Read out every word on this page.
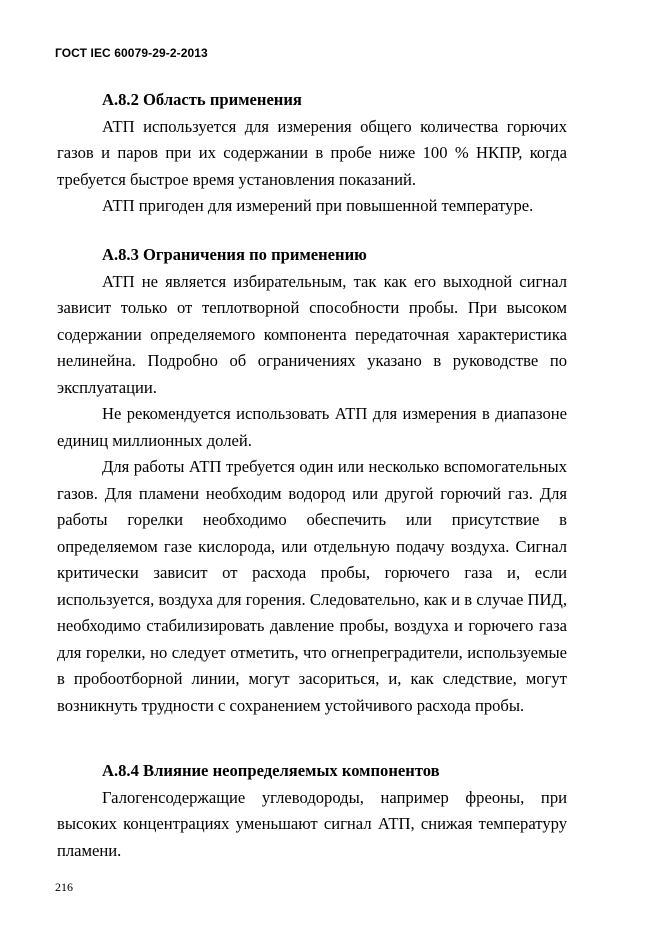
ГОСТ IEC 60079-29-2-2013

А.8.2 Область применения

АТП используется для измерения общего количества горючих газов и паров при их содержании в пробе ниже 100 % НКПР, когда требуется быстрое время установления показаний.

АТП пригоден для измерений при повышенной температуре.

А.8.3 Ограничения по применению

АТП не является избирательным, так как его выходной сигнал зависит только от теплотворной способности пробы. При высоком содержании определяемого компонента передаточная характеристика нелинейна. Подробно об ограничениях указано в руководстве по эксплуатации.

Не рекомендуется использовать АТП для измерения в диапазоне единиц миллионных долей.

Для работы АТП требуется один или несколько вспомогательных газов. Для пламени необходим водород или другой горючий газ. Для работы горелки необходимо обеспечить или присутствие в определяемом газе кислорода, или отдельную подачу воздуха. Сигнал критически зависит от расхода пробы, горючего газа и, если используется, воздуха для горения. Следовательно, как и в случае ПИД, необходимо стабилизировать давление пробы, воздуха и горючего газа для горелки, но следует отметить, что огнепреградители, используемые в пробоотборной линии, могут засориться, и, как следствие, могут возникнуть трудности с сохранением устойчивого расхода пробы.

А.8.4 Влияние неопределяемых компонентов

Галогенсодержащие углеводороды, например фреоны, при высоких концентрациях уменьшают сигнал АТП, снижая температуру пламени.

216
